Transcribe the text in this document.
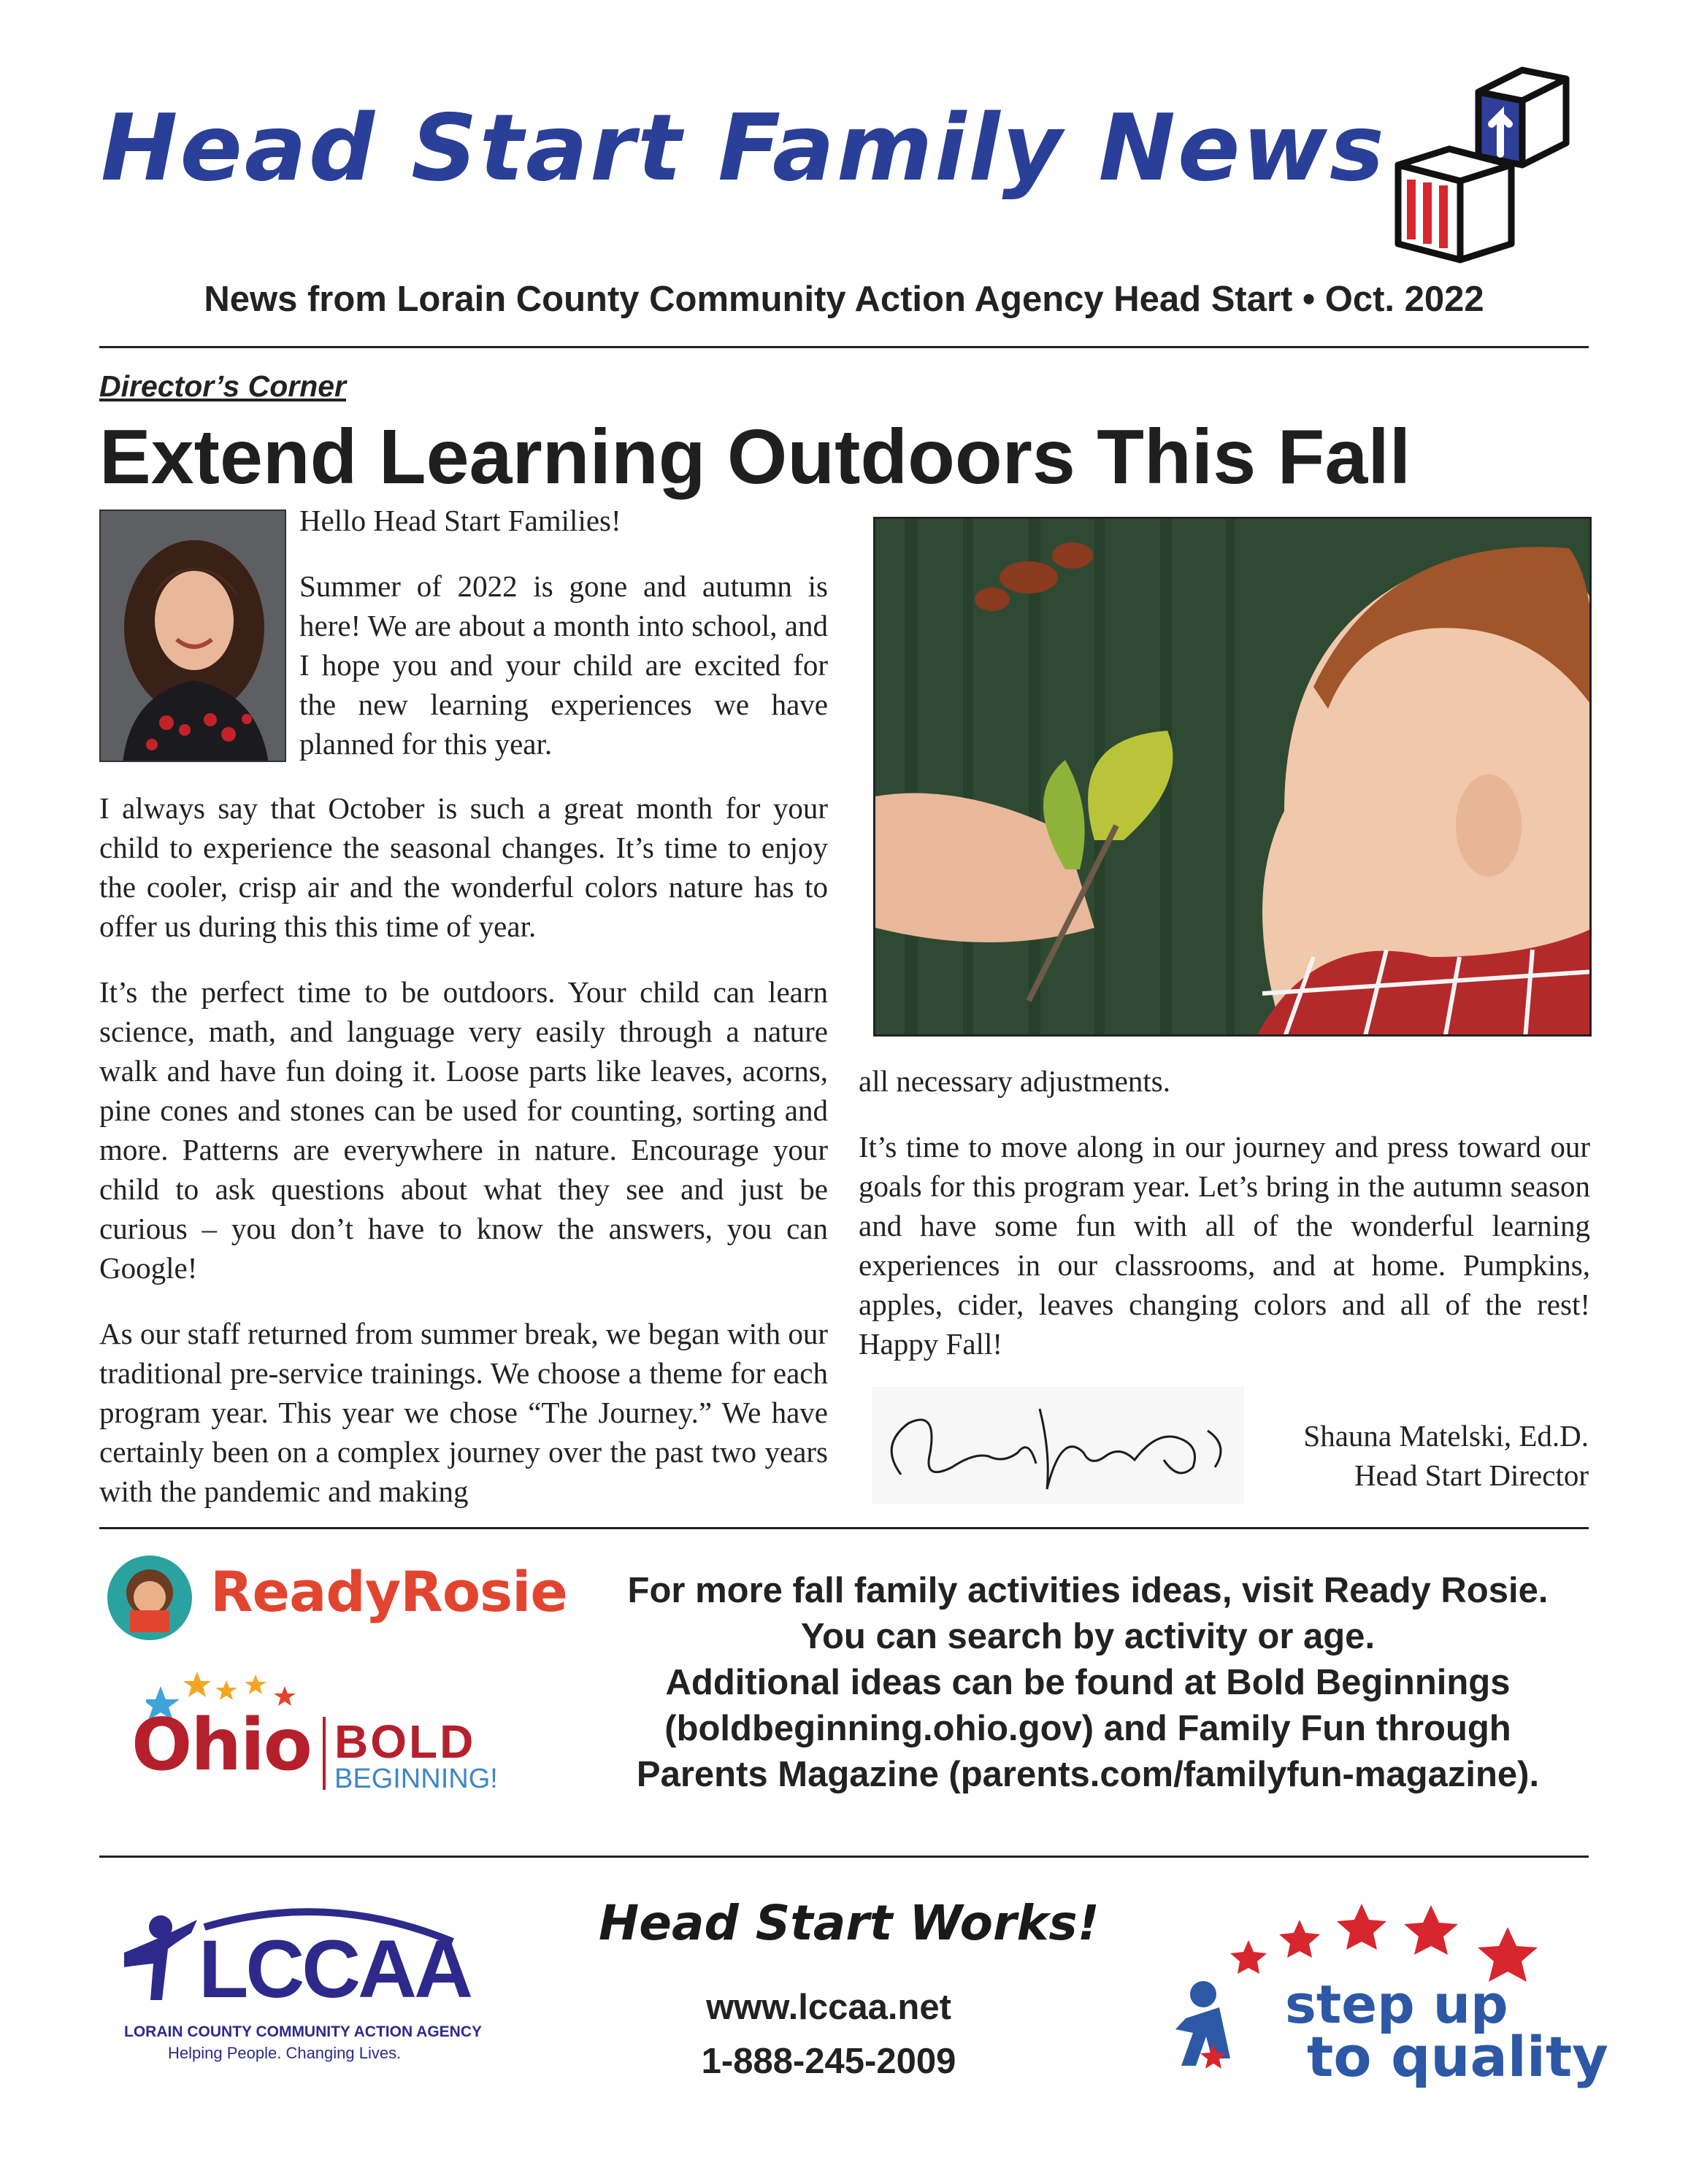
Head Start Family News
News from Lorain County Community Action Agency Head Start • Oct. 2022
Director’s Corner
Extend Learning Outdoors This Fall

Hello Head Start Families!

Summer of 2022 is gone and autumn is here! We are about a month into school, and I hope you and your child are excited for the new learning experiences we have planned for this year.

I always say that October is such a great month for your child to experience the seasonal changes. It’s time to enjoy the cooler, crisp air and the wonderful colors nature has to offer us during this this time of year.

It’s the perfect time to be outdoors. Your child can learn science, math, and language very easily through a nature walk and have fun doing it. Loose parts like leaves, acorns, pine cones and stones can be used for counting, sorting and more. Patterns are everywhere in nature. Encourage your child to ask questions about what they see and just be curious – you don’t have to know the answers, you can Google!

As our staff returned from summer break, we began with our traditional pre-service trainings. We choose a theme for each program year. This year we chose “The Journey.” We have certainly been on a complex journey over the past two years with the pandemic and making

all necessary adjustments.

It’s time to move along in our journey and press toward our goals for this program year. Let’s bring in the autumn season and have some fun with all of the wonderful learning experiences in our classrooms, and at home. Pumpkins, apples, cider, leaves changing colors and all of the rest! Happy Fall!

Shauna Matelski EdD
Shauna Matelski, Ed.D.
Head Start Director
ReadyRosie
Ohio BOLD
BEGINNING!
For more fall family activities ideas, visit Ready Rosie.
You can search by activity or age.
Additional ideas can be found at Bold Beginnings
(boldbeginning.ohio.gov) and Family Fun through
Parents Magazine (parents.com/familyfun-magazine).
LCCAA
LORAIN COUNTY COMMUNITY ACTION AGENCY
Helping People. Changing Lives.
Head Start Works!
www.lccaa.net
1-888-245-2009
step up
to quality
